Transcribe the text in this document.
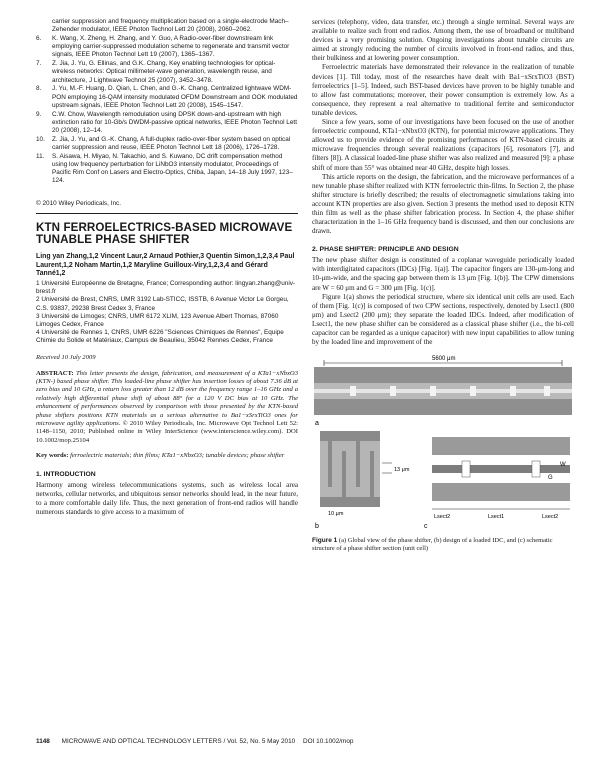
carrier suppression and frequency multiplication based on a single-electrode Mach–Zehender modulator, IEEE Photon Technol Lett 20 (2008), 2060–2062.
6. K. Wang, X. Zheng, H. Zhang, and Y. Guo, A Radio-over-fiber downstream link employing carrier-suppressed modulation scheme to regenerate and transmit vector signals, IEEE Photon Technol Lett 19 (2007), 1365–1367.
7. Z. Jia, J. Yu, G. Ellinas, and G.K. Chang, Key enabling technologies for optical-wireless networks: Optical millimeter-wave generation, wavelength reuse, and architecture, J Lightwave Technol 25 (2007), 3452–3478.
8. J. Yu, M.-F. Huang, D. Qian, L. Chen, and G.-K. Chang, Centralized lightwave WDM-PON employing 16-QAM intensity modulated OFDM Downstream and OOK modulated upstream signals, IEEE Photon Technol Lett 20 (2008), 1545–1547.
9. C.W. Chow, Wavelength remodulation using DPSK down-and-upstream with high extinction ratio for 10-Gb/s DWDM-passive optical networks, IEEE Photon Technol Lett 20 (2008), 12–14.
10. Z. Jia, J. Yu, and G.-K. Chang, A full-duplex radio-over-fiber system based on optical carrier suppression and reuse, IEEE Photon Technol Lett 18 (2006), 1726–1728.
11. S. Aisawa, H. Miyao, N. Takachio, and S. Kuwano, DC drift compensation method using low frequency perturbation for LiNbO3 intensity modulator, Proceedings of Pacific Rim Conf on Lasers and Electro-Optics, Chiba, Japan, 14–18 July 1997, 123–124.
© 2010 Wiley Periodicals, Inc.
KTN FERROELECTRICS-BASED MICROWAVE TUNABLE PHASE SHIFTER
Ling yan Zhang,1,2 Vincent Laur,2 Arnaud Pothier,3 Quentin Simon,1,2,3,4 Paul Laurent,1,2 Noham Martin,1,2 Maryline Guilloux-Viry,1,2,3,4 and Gérard Tanné1,2
1 Université Européenne de Bretagne, France; Corresponding author: lingyan.zhang@univ-brest.fr
2 Université de Brest, CNRS, UMR 3192 Lab-STICC, ISSTB, 6 Avenue Victor Le Gorgeu, C.S. 93837, 29238 Brest Cedex 3, France
3 Université de Limoges; CNRS, UMR 6172 XLIM, 123 Avenue Albert Thomas, 87060 Limoges Cedex, France
4 Université de Rennes 1, CNRS, UMR 6226 "Sciences Chimiques de Rennes", Equipe Chimie du Solide et Matériaux, Campus de Beaulieu, 35042 Rennes Cedex, France
Received 10 July 2009
ABSTRACT: This letter presents the design, fabrication, and measurement of a KTa1−xNbxO3 (KTN-) based phase shifter. This loaded-line phase shifter has insertion losses of about 7.36 dB at zero bias and 10 GHz, a return loss greater than 12 dB over the frequency range 1–16 GHz and a relatively high differential phase shift of about 88° for a 120 V DC bias at 10 GHz. The enhancement of performances observed by comparison with those presented by the KTN-based phase shifters positions KTN materials as a serious alternative to Ba1−xSrxTiO3 ones for microwave agility applications. © 2010 Wiley Periodicals, Inc. Microwave Opt Technol Lett 52: 1148–1150, 2010; Published online in Wiley InterScience (www.interscience.wiley.com). DOI 10.1002/mop.25104
Key words: ferroelectric materials; thin films; KTa1−xNbxO3; tunable devices; phase shifter
1. INTRODUCTION

Harmony among wireless telecommunications systems, such as wireless local area networks, cellular networks, and ubiquitous sensor networks should lead, in the near future, to a more comfortable daily life. Thus, the next generation of front-end radios will handle numerous standards to give access to a maximum of

services (telephony, video, data transfer, etc.) through a single terminal. Several ways are available to realize such front end radios. Among them, the use of broadband or multiband devices is a very promising solution. Ongoing investigations about tunable circuits are aimed at strongly reducing the number of circuits involved in front-end radios, and thus, their bulkiness and at lowering power consumption.

Ferroelectric materials have demonstrated their relevance in the realization of tunable devices [1]. Till today, most of the researches have dealt with Ba1−xSrxTiO3 (BST) ferroelectrics [1–5]. Indeed, such BST-based devices have proven to be highly tunable and to allow fast commutations; moreover, their power consumption is extremely low. As a consequence, they represent a real alternative to traditional ferrite and semiconductor tunable devices.

Since a few years, some of our investigations have been focused on the use of another ferroelectric compound, KTa1−xNbxO3 (KTN), for potential microwave applications. They allowed us to provide evidence of the promising performances of KTN-based circuits at microwave frequencies through several realizations (capacitors [6], resonators [7], and filters [8]). A classical loaded-line phase shifter was also realized and measured [9]: a phase shift of more than 55° was obtained near 40 GHz, despite high losses.

This article reports on the design, the fabrication, and the microwave performances of a new tunable phase shifter realized with KTN ferroelectric thin-films. In Section 2, the phase shifter structure is briefly described; the results of electromagnetic simulations taking into account KTN properties are also given. Section 3 presents the method used to deposit KTN thin film as well as the phase shifter fabrication process. In Section 4, the phase shifter characterization in the 1–16 GHz frequency band is discussed, and then our conclusions are drawn.

2. PHASE SHIFTER: PRINCIPLE AND DESIGN

The new phase shifter design is constituted of a coplanar waveguide periodically loaded with interdigitated capacitors (IDCs) [Fig. 1(a)]. The capacitor fingers are 130-μm-long and 10-μm-wide, and the spacing gap between them is 13 μm [Fig. 1(b)]. The CPW dimensions are W = 60 μm and G = 300 μm [Fig. 1(c)].

Figure 1(a) shows the periodical structure, where six identical unit cells are used. Each of them [Fig. 1(c)] is composed of two CPW sections, respectively, denoted by Lsect1 (800 μm) and Lsect2 (200 μm); they separate the loaded IDCs. Indeed, after modification of Lsect1, the new phase shifter can be considered as a classical phase shifter (i.e., the bi-cell capacitor can be regarded as a unique capacitor) with new input capabilities to allow tuning by the loaded line and improvement of the

5600 μm
a
13 μm
10 μm
b
W
G
Lsect2	Lsect1	Lsect2
c
Figure 1 (a) Global view of the phase shifter, (b) design of a loaded IDC, and (c) schematic structure of a phase shifter section (unit cell)
1148 MICROWAVE AND OPTICAL TECHNOLOGY LETTERS / Vol. 52, No. 5 May 2010 DOI 10.1002/mop
